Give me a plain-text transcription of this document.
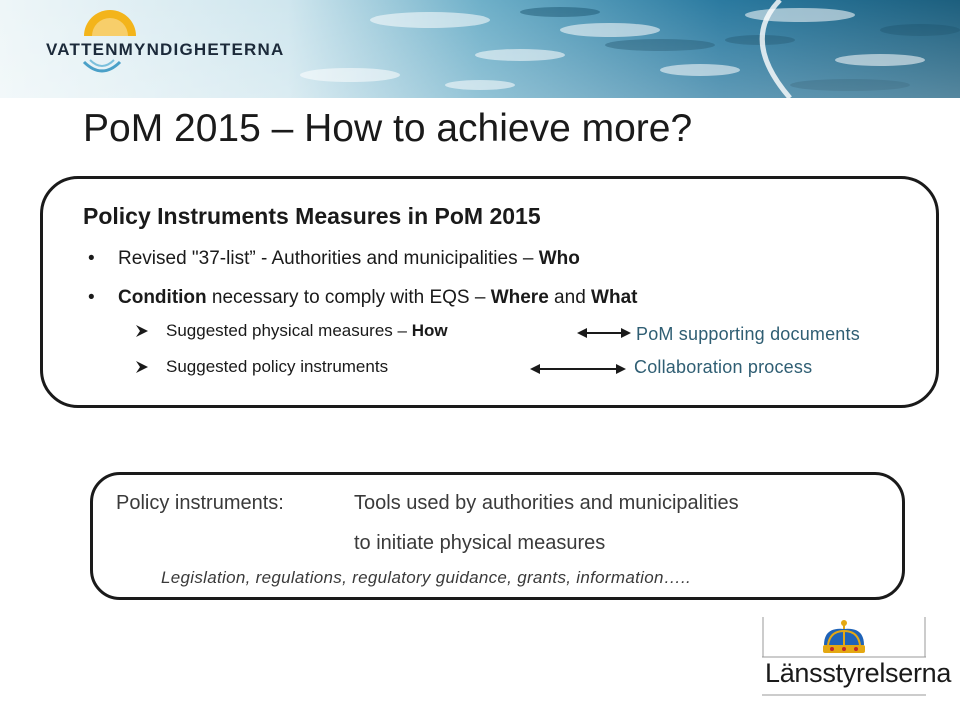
VATTENMYNDIGHETERNA
PoM 2015 – How to achieve more?
Policy Instruments Measures in PoM 2015
• Revised "37-list” - Authorities and municipalities – Who
• Condition necessary to comply with EQS – Where and What
Suggested physical measures – How
Suggested policy instruments
PoM supporting documents
Collaboration process
Policy instruments:	Tools used by authorities and municipalities
to initiate physical measures
Legislation, regulations, regulatory guidance, grants, information…..
Länsstyrelserna
